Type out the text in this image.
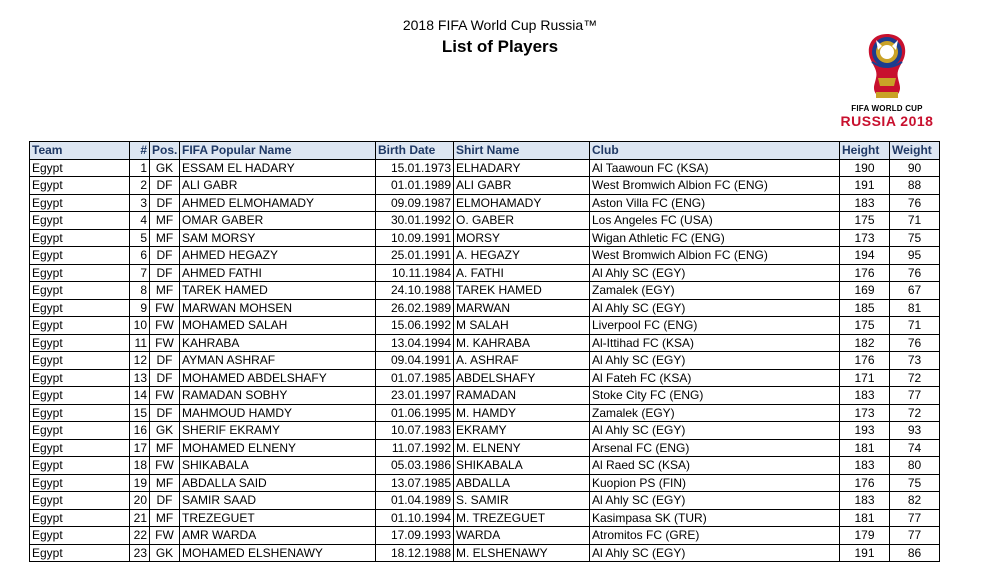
2018 FIFA World Cup Russia™
List of Players
FIFA WORLD CUP
RUSSIA 2018
Team	#	Pos.	FIFA Popular Name	Birth Date	Shirt Name	Club	Height	Weight
Egypt	1	GK	ESSAM EL HADARY	15.01.1973	ELHADARY	Al Taawoun FC (KSA)	190	90
Egypt	2	DF	ALI GABR	01.01.1989	ALI GABR	West Bromwich Albion FC (ENG)	191	88
Egypt	3	DF	AHMED ELMOHAMADY	09.09.1987	ELMOHAMADY	Aston Villa FC (ENG)	183	76
Egypt	4	MF	OMAR GABER	30.01.1992	O. GABER	Los Angeles FC (USA)	175	71
Egypt	5	MF	SAM MORSY	10.09.1991	MORSY	Wigan Athletic FC (ENG)	173	75
Egypt	6	DF	AHMED HEGAZY	25.01.1991	A. HEGAZY	West Bromwich Albion FC (ENG)	194	95
Egypt	7	DF	AHMED FATHI	10.11.1984	A. FATHI	Al Ahly SC (EGY)	176	76
Egypt	8	MF	TAREK HAMED	24.10.1988	TAREK HAMED	Zamalek (EGY)	169	67
Egypt	9	FW	MARWAN MOHSEN	26.02.1989	MARWAN	Al Ahly SC (EGY)	185	81
Egypt	10	FW	MOHAMED SALAH	15.06.1992	M SALAH	Liverpool FC (ENG)	175	71
Egypt	11	FW	KAHRABA	13.04.1994	M. KAHRABA	Al-Ittihad FC (KSA)	182	76
Egypt	12	DF	AYMAN ASHRAF	09.04.1991	A. ASHRAF	Al Ahly SC (EGY)	176	73
Egypt	13	DF	MOHAMED ABDELSHAFY	01.07.1985	ABDELSHAFY	Al Fateh FC (KSA)	171	72
Egypt	14	FW	RAMADAN SOBHY	23.01.1997	RAMADAN	Stoke City FC (ENG)	183	77
Egypt	15	DF	MAHMOUD HAMDY	01.06.1995	M. HAMDY	Zamalek (EGY)	173	72
Egypt	16	GK	SHERIF EKRAMY	10.07.1983	EKRAMY	Al Ahly SC (EGY)	193	93
Egypt	17	MF	MOHAMED ELNENY	11.07.1992	M. ELNENY	Arsenal FC (ENG)	181	74
Egypt	18	FW	SHIKABALA	05.03.1986	SHIKABALA	Al Raed SC (KSA)	183	80
Egypt	19	MF	ABDALLA SAID	13.07.1985	ABDALLA	Kuopion PS (FIN)	176	75
Egypt	20	DF	SAMIR SAAD	01.04.1989	S. SAMIR	Al Ahly SC (EGY)	183	82
Egypt	21	MF	TREZEGUET	01.10.1994	M. TREZEGUET	Kasimpasa SK (TUR)	181	77
Egypt	22	FW	AMR WARDA	17.09.1993	WARDA	Atromitos FC (GRE)	179	77
Egypt	23	GK	MOHAMED ELSHENAWY	18.12.1988	M. ELSHENAWY	Al Ahly SC (EGY)	191	86
